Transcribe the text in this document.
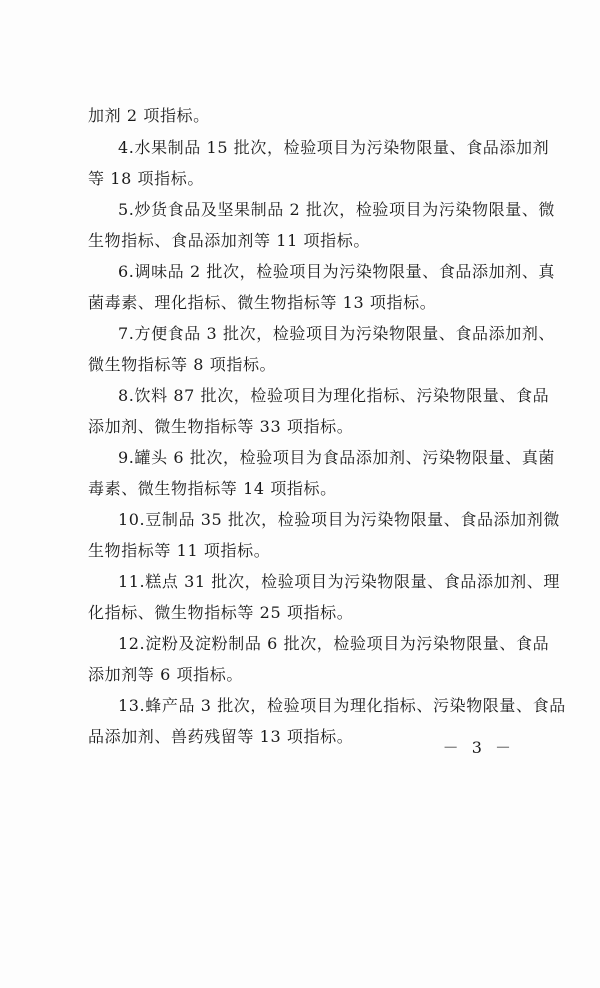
加剂 2 项指标。
4.水果制品 15 批次，检验项目为污染物限量、食品添加剂
等 18 项指标。
5.炒货食品及坚果制品 2 批次，检验项目为污染物限量、微
生物指标、食品添加剂等 11 项指标。
6.调味品 2 批次，检验项目为污染物限量、食品添加剂、真
菌毒素、理化指标、微生物指标等 13 项指标。
7.方便食品 3 批次，检验项目为污染物限量、食品添加剂、
微生物指标等 8 项指标。
8.饮料 87 批次，检验项目为理化指标、污染物限量、食品
添加剂、微生物指标等 33 项指标。
9.罐头 6 批次，检验项目为食品添加剂、污染物限量、真菌
毒素、微生物指标等 14 项指标。
10.豆制品 35 批次，检验项目为污染物限量、食品添加剂微
生物指标等 11 项指标。
11.糕点 31 批次，检验项目为污染物限量、食品添加剂、理
化指标、微生物指标等 25 项指标。
12.淀粉及淀粉制品 6 批次，检验项目为污染物限量、食品
添加剂等 6 项指标。
13.蜂产品 3 批次，检验项目为理化指标、污染物限量、食品
品添加剂、兽药残留等 13 项指标。
－ 3 －
